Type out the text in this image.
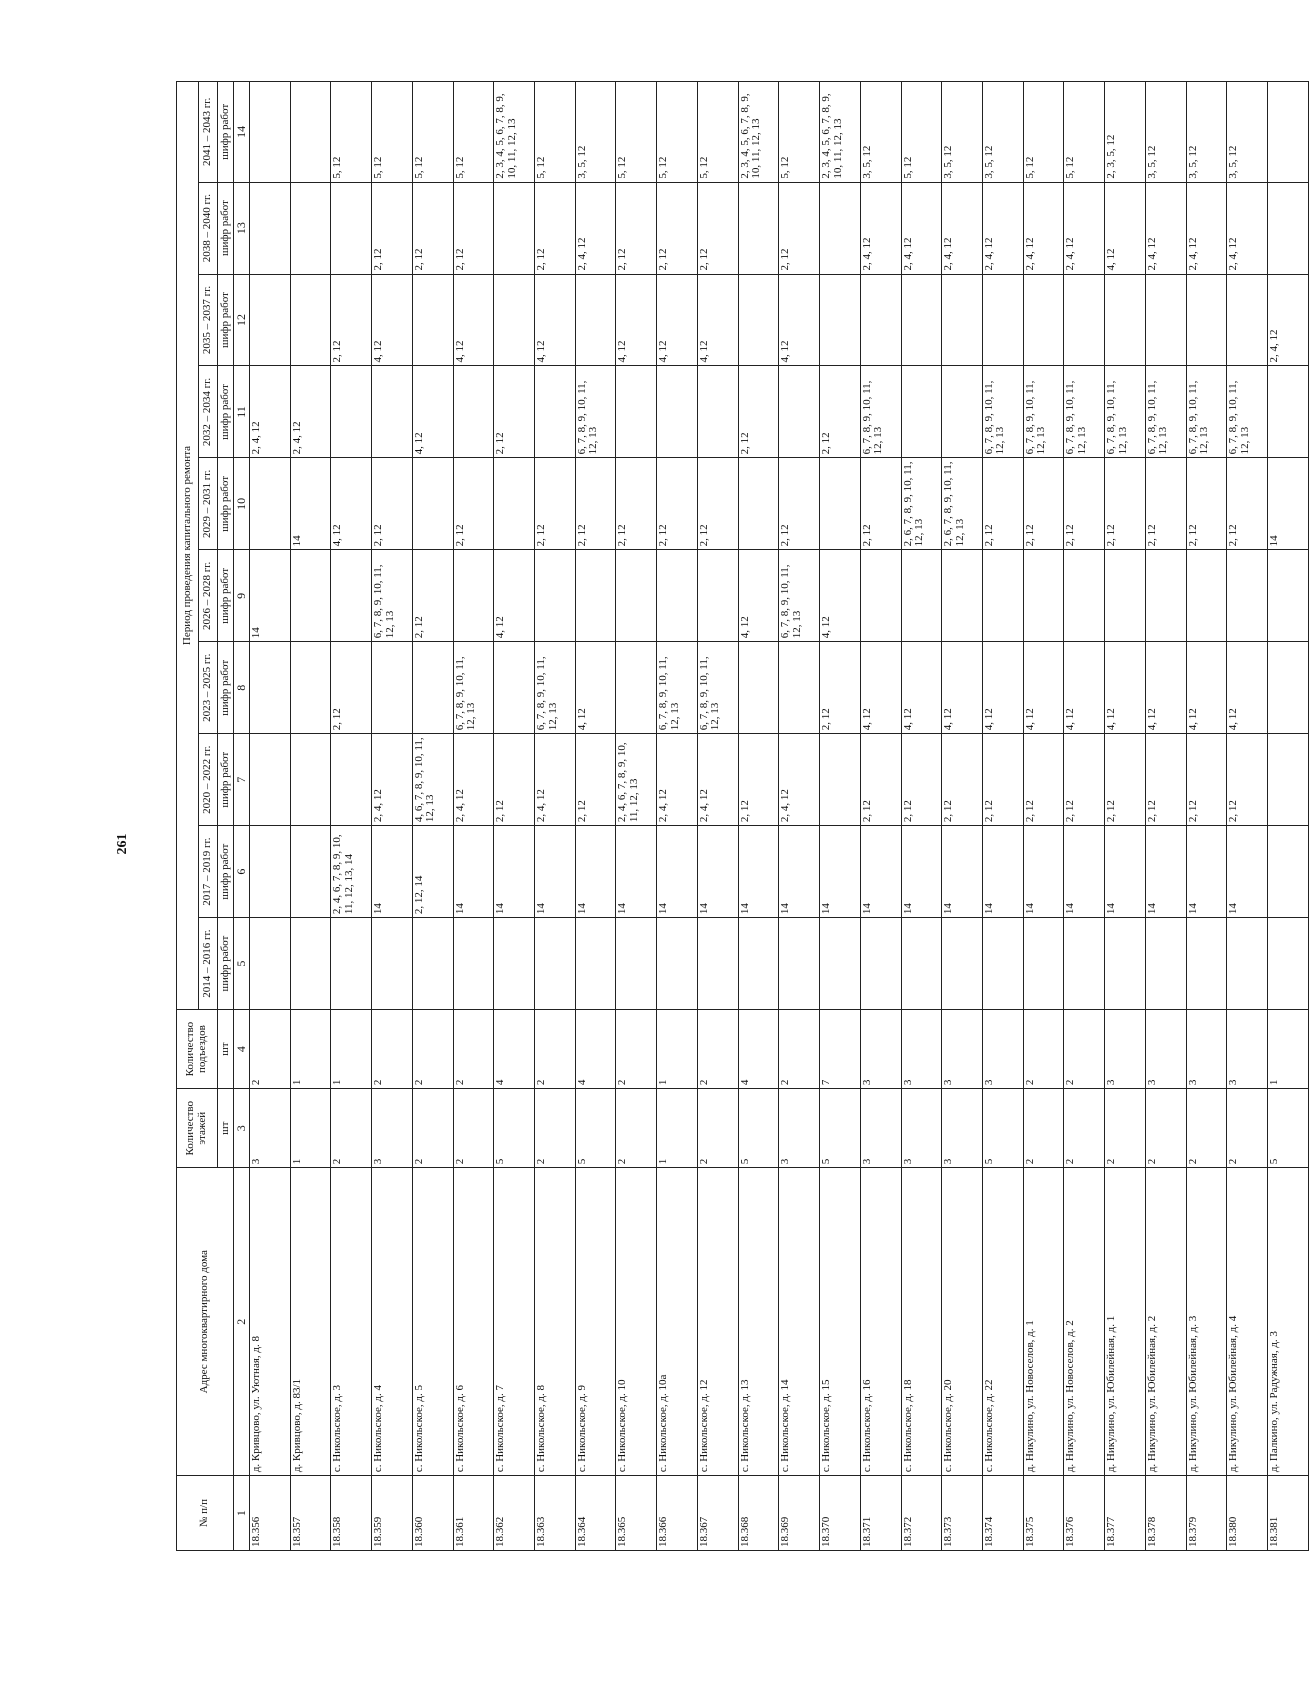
261
№ п/п	Адрес многоквартирного дома	Количество этажей	Количество подъездов	Период проведения капитального ремонта									
				2014 – 2016 гг.	2017 – 2019 гг.	2020 – 2022 гг.	2023 – 2025 гг.	2026 – 2028 гг.	2029 – 2031 гг.	2032 – 2034 гг.	2035 – 2037 гг.	2038 – 2040 гг.	2041 – 2043 гг.
		шт	шт	шифр работ	шифр работ	шифр работ	шифр работ	шифр работ	шифр работ	шифр работ	шифр работ	шифр работ	шифр работ
1	2	3	4	5	6	7	8	9	10	11	12	13	14
18.356	д. Кривцово, ул. Уютная, д. 8	3	2					14		2, 4, 12			
18.357	д. Кривцово, д. 83/1	1	1						14	2, 4, 12			
18.358	с. Никольское, д. 3	2	1		2, 4, 6, 7, 8, 9, 10, 11, 12, 13, 14		2, 12		4, 12		2, 12		5, 12
18.359	с. Никольское, д. 4	3	2		14	2, 4, 12		6, 7, 8, 9, 10, 11, 12, 13	2, 12		4, 12	2, 12	5, 12
18.360	с. Никольское, д. 5	2	2		2, 12, 14	4, 6, 7, 8, 9, 10, 11, 12, 13		2, 12		4, 12		2, 12	5, 12
18.361	с. Никольское, д. 6	2	2		14	2, 4, 12	6, 7, 8, 9, 10, 11, 12, 13		2, 12		4, 12	2, 12	5, 12
18.362	с. Никольское, д. 7	5	4		14	2, 12		4, 12		2, 12			2, 3, 4, 5, 6, 7, 8, 9, 10, 11, 12, 13
18.363	с. Никольское, д. 8	2	2		14	2, 4, 12	6, 7, 8, 9, 10, 11, 12, 13		2, 12		4, 12	2, 12	5, 12
18.364	с. Никольское, д. 9	5	4		14	2, 12	4, 12		2, 12	6, 7, 8, 9, 10, 11, 12, 13		2, 4, 12	3, 5, 12
18.365	с. Никольское, д. 10	2	2		14	2, 4, 6, 7, 8, 9, 10, 11, 12, 13			2, 12		4, 12	2, 12	5, 12
18.366	с. Никольское, д. 10а	1	1		14	2, 4, 12	6, 7, 8, 9, 10, 11, 12, 13		2, 12		4, 12	2, 12	5, 12
18.367	с. Никольское, д. 12	2	2		14	2, 4, 12	6, 7, 8, 9, 10, 11, 12, 13		2, 12		4, 12	2, 12	5, 12
18.368	с. Никольское, д. 13	5	4		14	2, 12		4, 12		2, 12			2, 3, 4, 5, 6, 7, 8, 9, 10, 11, 12, 13
18.369	с. Никольское, д. 14	3	2		14	2, 4, 12		6, 7, 8, 9, 10, 11, 12, 13	2, 12		4, 12	2, 12	5, 12
18.370	с. Никольское, д. 15	5	7		14		2, 12	4, 12		2, 12			2, 3, 4, 5, 6, 7, 8, 9, 10, 11, 12, 13
18.371	с. Никольское, д. 16	3	3		14	2, 12	4, 12		2, 12	6, 7, 8, 9, 10, 11, 12, 13		2, 4, 12	3, 5, 12
18.372	с. Никольское, д. 18	3	3		14	2, 12	4, 12		2, 6, 7, 8, 9, 10, 11, 12, 13			2, 4, 12	5, 12
18.373	с. Никольское, д. 20	3	3		14	2, 12	4, 12		2, 6, 7, 8, 9, 10, 11, 12, 13			2, 4, 12	3, 5, 12
18.374	с. Никольское, д. 22	5	3		14	2, 12	4, 12		2, 12	6, 7, 8, 9, 10, 11, 12, 13		2, 4, 12	3, 5, 12
18.375	д. Никулино, ул. Новоселов, д. 1	2	2		14	2, 12	4, 12		2, 12	6, 7, 8, 9, 10, 11, 12, 13		2, 4, 12	5, 12
18.376	д. Никулино, ул. Новоселов, д. 2	2	2		14	2, 12	4, 12		2, 12	6, 7, 8, 9, 10, 11, 12, 13		2, 4, 12	5, 12
18.377	д. Никулино, ул. Юбилейная, д. 1	2	3		14	2, 12	4, 12		2, 12	6, 7, 8, 9, 10, 11, 12, 13		4, 12	2, 3, 5, 12
18.378	д. Никулино, ул. Юбилейная, д. 2	2	3		14	2, 12	4, 12		2, 12	6, 7, 8, 9, 10, 11, 12, 13		2, 4, 12	3, 5, 12
18.379	д. Никулино, ул. Юбилейная, д. 3	2	3		14	2, 12	4, 12		2, 12	6, 7, 8, 9, 10, 11, 12, 13		2, 4, 12	3, 5, 12
18.380	д. Никулино, ул. Юбилейная, д. 4	2	3		14	2, 12	4, 12		2, 12	6, 7, 8, 9, 10, 11, 12, 13		2, 4, 12	3, 5, 12
18.381	д. Палкино, ул. Радужная, д. 3	5	1						14		2, 4, 12		
